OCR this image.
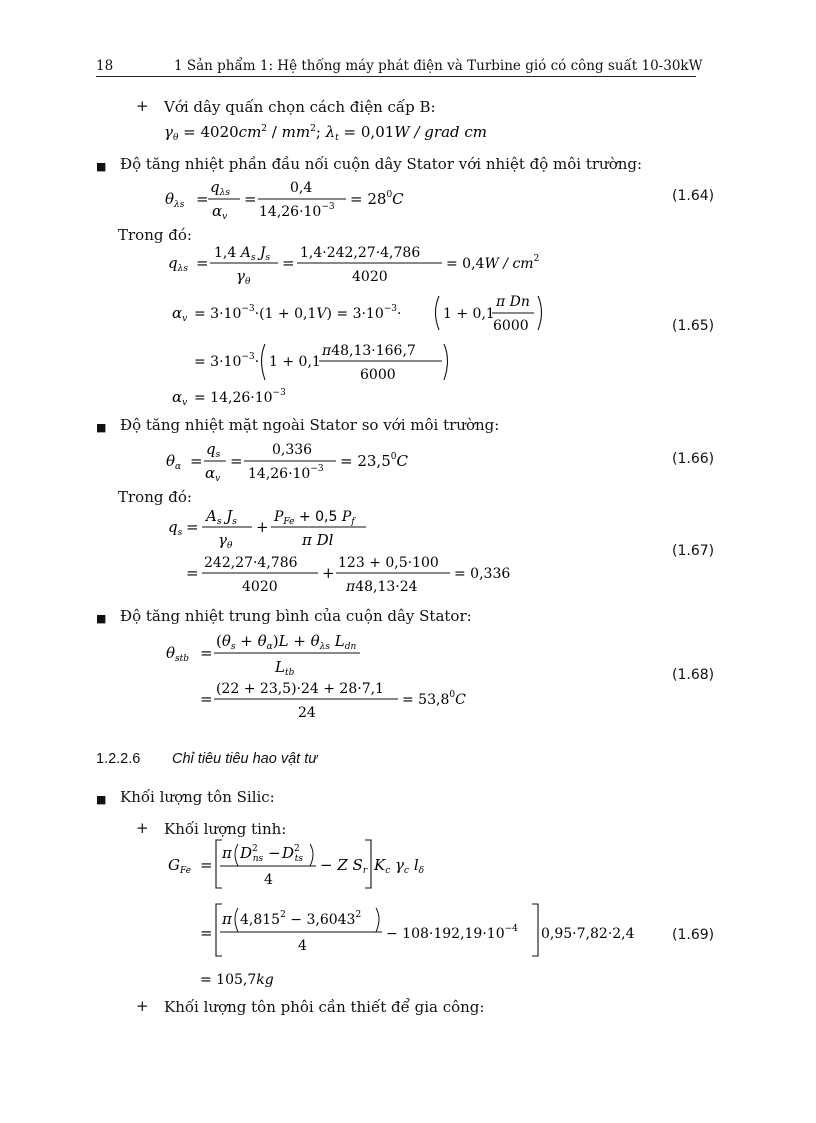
18	1 Sản phẩm 1: Hệ thống máy phát điện và Turbine gió có công suất 10-30kW
+ Với dây quấn chọn cách điện cấp B:
$\gamma_\theta = 4020cm^2 / mm^2$; $\lambda_t = 0,01W$ / grad cm
■ Độ tăng nhiệt phần đầu nối cuộn dây Stator với nhiệt độ môi trường:
$\theta_{\lambda s}$ =
$q_{\lambda s}$
$\alpha_v$
=
0,4
$14,26\cdot 10^{-3} = 28^0C$	(1.64)
Trong đó:
$q_{\lambda s}$ =
1,4 $A_s$ $J_s$
$\gamma_\theta$
=
1,4·242,27·4,786
4020
= $0,4W / cm^2$
$\alpha_v = 3\cdot 10^{-3}\cdot(1 + 0,1V) = 3\cdot 10^{-3}\cdot$	1 + 0,1
π Dn
6000	(1.65)
= $3\cdot 10^{-3}\cdot 1 + 0,1$
π48,13·166,7
6000
$\alpha_v = 14,26\cdot 10^{-3}$
■ Độ tăng nhiệt mặt ngoài Stator so với môi trường:
$\theta_\alpha$ =
$q_s$
$\alpha_v$
=
0,336
$14,26\cdot 10^{-3} = 23,5^0C$	(1.66)
Trong đó:
$q_s$ =
$A_s$ $J_s$
$\gamma_\theta$
+
$P_{Fe} + 0,5$ $P_f$
π Dl
(1.67)
=
242,27·4,786
4020
+
123 + 0,5·100
π48,13·24
= 0,336
■ Độ tăng nhiệt trung bình của cuộn dây Stator:
$\theta_{stb}$ =
$(\theta_s + \theta_\alpha)L + \theta_{\lambda s}$ $L_{dn}$
$L_{tb}$	(1.68)
=
(22 + 23,5)·24 + 28·7,1
24
= $53,8^0C$
1.2.2.6 Chỉ tiêu tiêu hao vật tư
■ Khối lượng tôn Silic:
+ Khối lượng tinh:
$G_{Fe}$ =
π $D^2$ ns − $D^2$ ts
4
− Z $S_r$ $K_c$ $\gamma_c$ $l_\delta$
=
π $4,815^2 - 3,6043^2$
4
− $108\cdot 192,19\cdot 10^{-4}$ 0,95·7,82·2,4	(1.69)
= 105,7kg
+ Khối lượng tôn phôi cần thiết để gia công:
